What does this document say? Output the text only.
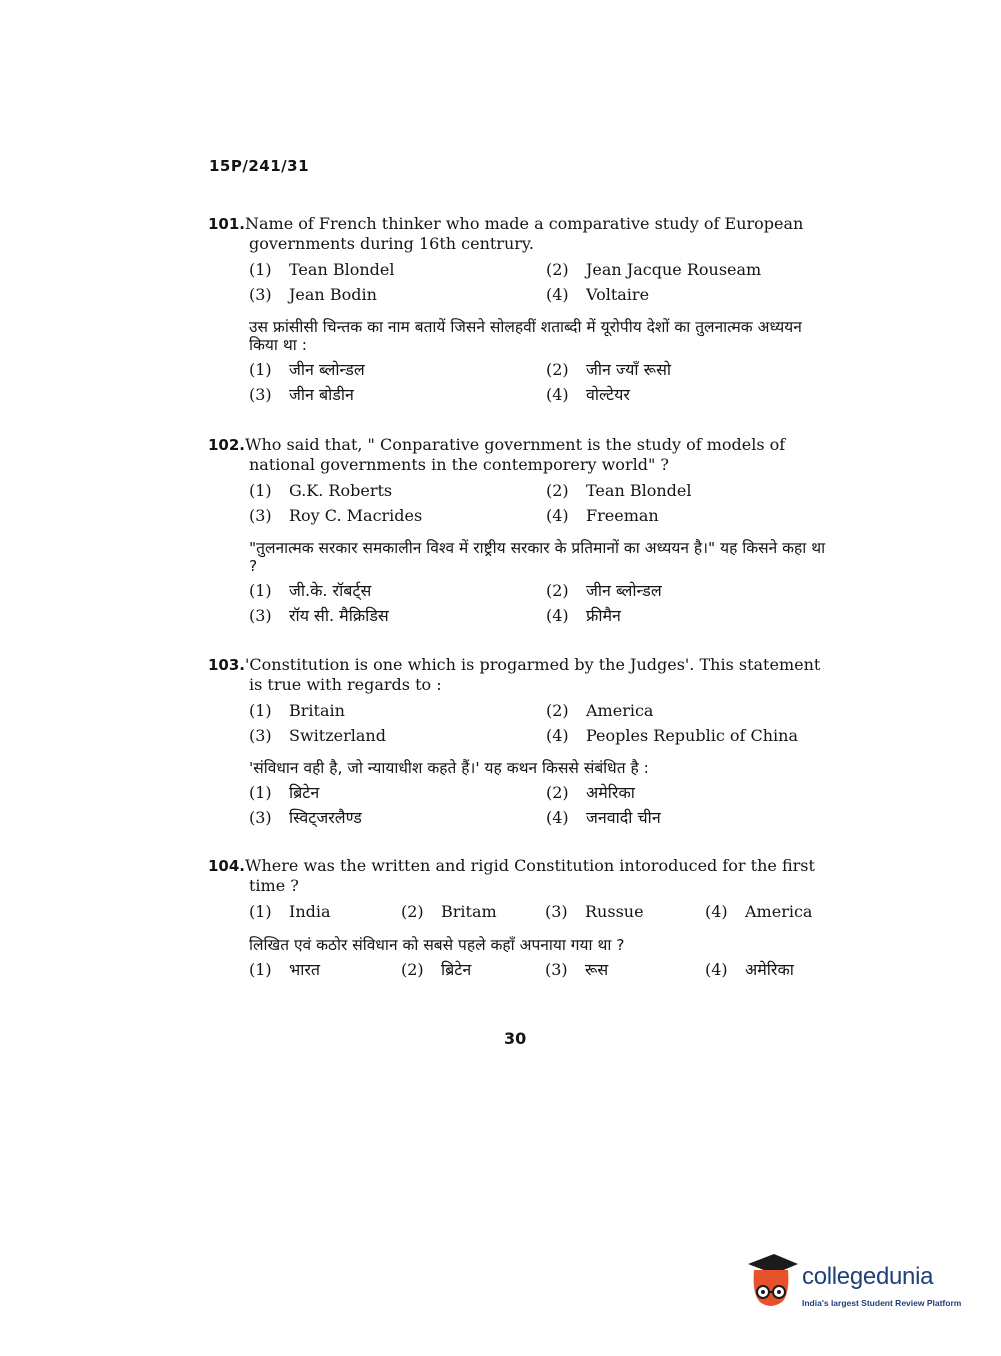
15P/241/31

101.Name of French thinker who made a comparative study of European governments during 16th centrury.

(1) Tean Blondel	(2) Jean Jacque Rouseam
(3) Jean Bodin	(4) Voltaire

उस फ्रांसीसी चिन्तक का नाम बतायें जिसने सोलहवीं शताब्दी में यूरोपीय देशों का तुलनात्मक अध्ययन किया था :

(1) जीन ब्लोन्डल	(2) जीन ज्याँ रूसो
(3) जीन बोडीन	(4) वोल्टेयर

102.Who said that, " Conparative government is the study of models of national governments in the contemporery world" ?

(1) G.K. Roberts	(2) Tean Blondel
(3) Roy C. Macrides	(4) Freeman

"तुलनात्मक सरकार समकालीन विश्व में राष्ट्रीय सरकार के प्रतिमानों का अध्ययन है।" यह किसने कहा था ?

(1) जी.के. रॉबर्ट्स	(2) जीन ब्लोन्डल
(3) रॉय सी. मैक्रिडिस	(4) फ्रीमैन

103.'Constitution is one which is progarmed by the Judges'. This statement is true with regards to :

(1) Britain	(2) America
(3) Switzerland	(4) Peoples Republic of China

'संविधान वही है, जो न्यायाधीश कहते हैं।' यह कथन किससे संबंधित है :

(1) ब्रिटेन	(2) अमेरिका
(3) स्विट्जरलैण्ड	(4) जनवादी चीन

104.Where was the written and rigid Constitution intoroduced for the first time ?

(1) India	(2) Britam	(3) Russue	(4) America

लिखित एवं कठोर संविधान को सबसे पहले कहाँ अपनाया गया था ?

(1) भारत	(2) ब्रिटेन	(3) रूस	(4) अमेरिका
30
collegedunia
India's largest Student Review Platform
